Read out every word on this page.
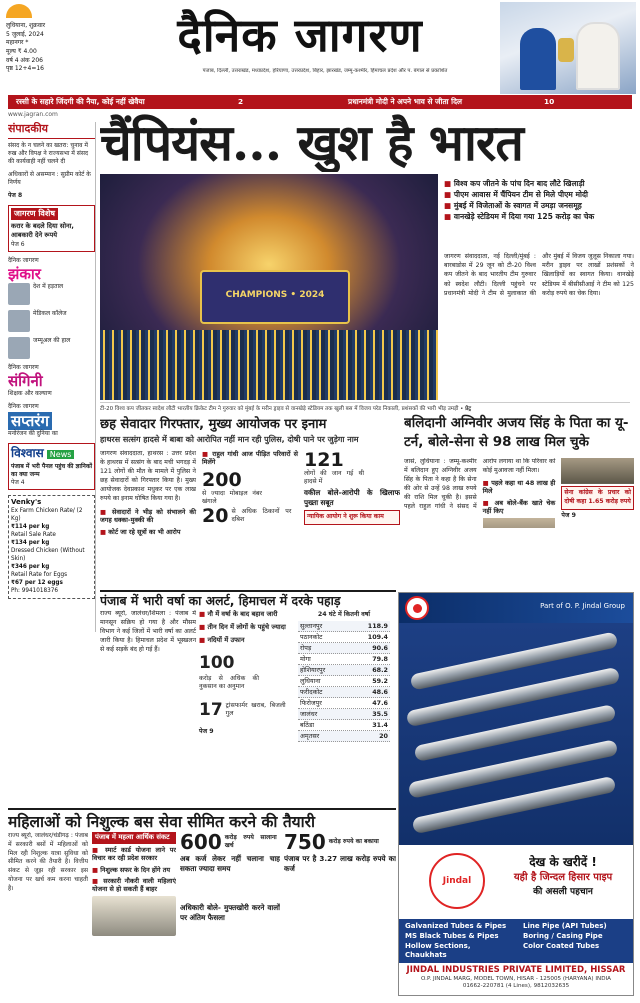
लुधियाना, शुक्रवार
5 जुलाई, 2024
महानगर *
मूल्य ₹ 4.00
वर्ष 4 अंक 206
पृष्ठ 12+4=16
दैनिक जागरण
पंजाब, दिल्ली, उत्तराखंड, मध्यप्रदेश, हरियाणा, उत्तरप्रदेश, बिहार, झारखंड, जम्मू-कश्मीर, हिमाचल प्रदेश और प. बंगाल से प्रकाशित
रस्सी के सहारे जिंदगी की नैया, कोई नहीं खेवैया	2	प्रधानमंत्री मोदी ने अपने भाव से जीता दिल	10
www.jagran.com
संपादकीय
संसद के न चलने का खतरा: चुनाव में रुख और विपक्ष ने राज्यसभा में संसद की कार्यवाही नहीं चलने दी
अधिकारों से असम्मान : सुप्रीम कोर्ट के निर्णय
पेज 8
जागरण विशेष
करार के बदले दिया सोना, आबकारी देने रूपये
पेज 6
दैनिक जागरण
झंकार
देश में हड़ताल
मेडिकल कॉलेज
जम्मूअल की हाल
दैनिक जागरण
संगिनी
शिक्षक और कल्याण
दैनिक जागरण
सप्तरंग
मनोरंजन की दुनिया का
विश्वास News
पंजाब में भरी पैनल पहुंच की ज्ञानिकों का क्या जन्म
पेज 4
Venky's
Ex Farm Chicken Rate/ (2 Kg)
₹114 per kg
Retail Sale Rate
₹134 per kg
Dressed Chicken (Without Skin)
₹346 per kg
Retail Rate for Eggs
₹67 per 12 eggs
Ph: 9941018376
चैंपियंस... खुश है भारत
CHAMPIONS • 2024
■ विश्व कप जीतने के पांच दिन बाद लौटे खिलाड़ी
■ पीएम आवास में चैंपियन टीम से मिले पीएम मोदी
■ मुंबई में विजेताओं के स्वागत में उमड़ा जनसमूह
■ वानखेड़े स्टेडियम में दिया गया 125 करोड़ का चेक
जागरण संवाददाता, नई दिल्ली/मुंबई : बारबाडोस में 29 जून को टी-20 विश्व कप जीतने के बाद भारतीय टीम गुरुवार को स्वदेश लौटी। दिल्ली पहुंचने पर प्रधानमंत्री मोदी ने टीम से मुलाकात की और मुंबई में विजय जुलूस निकाला गया। मरीन ड्राइव पर लाखों प्रशंसकों ने खिलाड़ियों का स्वागत किया। वानखेड़े स्टेडियम में बीसीसीआई ने टीम को 125 करोड़ रुपये का चेक दिया।
टी-20 विश्व कप जीतकर स्वदेश लौटी भारतीय क्रिकेट टीम ने गुरुवार को मुंबई के मरीन ड्राइव से वानखेड़े स्टेडियम तक खुली बस में विजय परेड निकाली, प्रशंसकों की भारी भीड़ उमड़ी • प्रेट्र
छह सेवादार गिरफ्तार, मुख्य आयोजक पर इनाम
हाथरस सत्संग हादसे में बाबा को आरोपित नहीं मान रही पुलिस, दोषी पाने पर जुड़ेगा नाम
जागरण संवाददाता, हाथरस : उत्तर प्रदेश के हाथरस में सत्संग के बाद मची भगदड़ में 121 लोगों की मौत के मामले में पुलिस ने छह सेवादारों को गिरफ्तार किया है। मुख्य आयोजक देवप्रकाश मधुकर पर एक लाख रुपये का इनाम घोषित किया गया है।
■ सेवादारों ने भीड़ को संभालने की जगह धक्का-मुक्की की
■ कोर्ट जा रहे सूत्रों का भी आरोप
■ राहुल गांधी आज पीड़ित परिवारों से मिलेंगे
200से ज्यादा मोबाइल नंबर खंगाले
20 से अधिक ठिकानों पर दबिश
121लोगों की जान गई थी हादसे में
वकील बोले-आरोपी के खिलाफ पुख्ता सबूत
न्यायिक आयोग ने शुरू किया काम
बलिदानी अग्निवीर अजय सिंह के पिता का यू-टर्न, बोले-सेना से 98 लाख मिल चुके
जासं, लुधियाना : जम्मू-कश्मीर में बलिदान हुए अग्निवीर अजय सिंह के पिता ने कहा है कि सेना की ओर से उन्हें 98 लाख रुपये की राशि मिल चुकी है। इससे पहले राहुल गांधी ने संसद में आरोप लगाया था कि परिवार को कोई मुआवजा नहीं मिला।
■ पहले कहा था 48 लाख ही मिले
■ अब बोले-बैंक खाते चेक नहीं किए
सेना कांग्रेस के प्रचार को दोषी कहा 1.65 करोड़ रुपये
पेज 9
पंजाब में भारी वर्षा का अलर्ट, हिमाचल में दरके पहाड़
राज्य ब्यूरो, जालंधर/शिमला : पंजाब में मानसून सक्रिय हो गया है और मौसम विभाग ने कई जिलों में भारी वर्षा का अलर्ट जारी किया है। हिमाचल प्रदेश में भूस्खलन से कई सड़कें बंद हो गई हैं।
■ नौ में वर्षा के बाद बहाव जारी
■ तीन दिन में लोगों के पहुंचे ज्यादा
■ नदियों में उफान
100करोड़ से अधिक की नुकसान का अनुमान
17 ट्रांसफार्मर खराब, बिजली गुल
पेज 9
24 घंटे में कितनी वर्षा
सुल्तानपुर	118.9
पठानकोट	109.4
रोपड़	90.6
मोगा	79.8
होशियारपुर	68.2
लुधियाना	59.2
फरीदकोट	48.6
फिरोजपुर	47.6
जालंधर	35.5
बठिंडा	31.4
अमृतसर	20
Part of O. P. Jindal Group
Jindal
देख के खरीदें !
यही है जिन्दल हिसार पाइप
की असली पहचान
Galvanized Tubes & Pipes
MS Black Tubes & Pipes
Hollow Sections, Chaukhats
Line Pipe (API Tubes)
Boring / Casing Pipe
Color Coated Tubes
JINDAL INDUSTRIES PRIVATE LIMITED, HISSAR
O.P. JINDAL MARG, MODEL TOWN, HISAR - 125005 (HARYANA) INDIA
01662-220781 (4 Lines), 9812032635
महिलाओं को निशुल्क बस सेवा सीमित करने की तैयारी
राज्य ब्यूरो, जालंधर/चंडीगढ़ : पंजाब में सरकारी बसों में महिलाओं को मिल रही निशुल्क यात्रा सुविधा को सीमित करने की तैयारी है। वित्तीय संकट से जूझ रही सरकार इस योजना पर खर्च कम करना चाहती है।
पंजाब में महत्वा आर्थिक संकट
■ स्मार्ट कार्ड योजना लाने पर विचार कर रही प्रदेश सरकार
■ निशुल्क सफर के दिन होंगे तय
■ सरकारी नौकरी वाली महिलाएं योजना से हो सकती हैं बाहर
600 करोड़ रुपये सालाना खर्च
अब कर्ज लेकर नहीं चलाना चाह सकता ज्यादा समय
अधिकारी बोले- मुफ्तखोरी करने वालों पर अंतिम फैसला
750 करोड़ रुपये का बकाया
पंजाब पर है 3.27 लाख करोड़ रुपये का कर्ज
